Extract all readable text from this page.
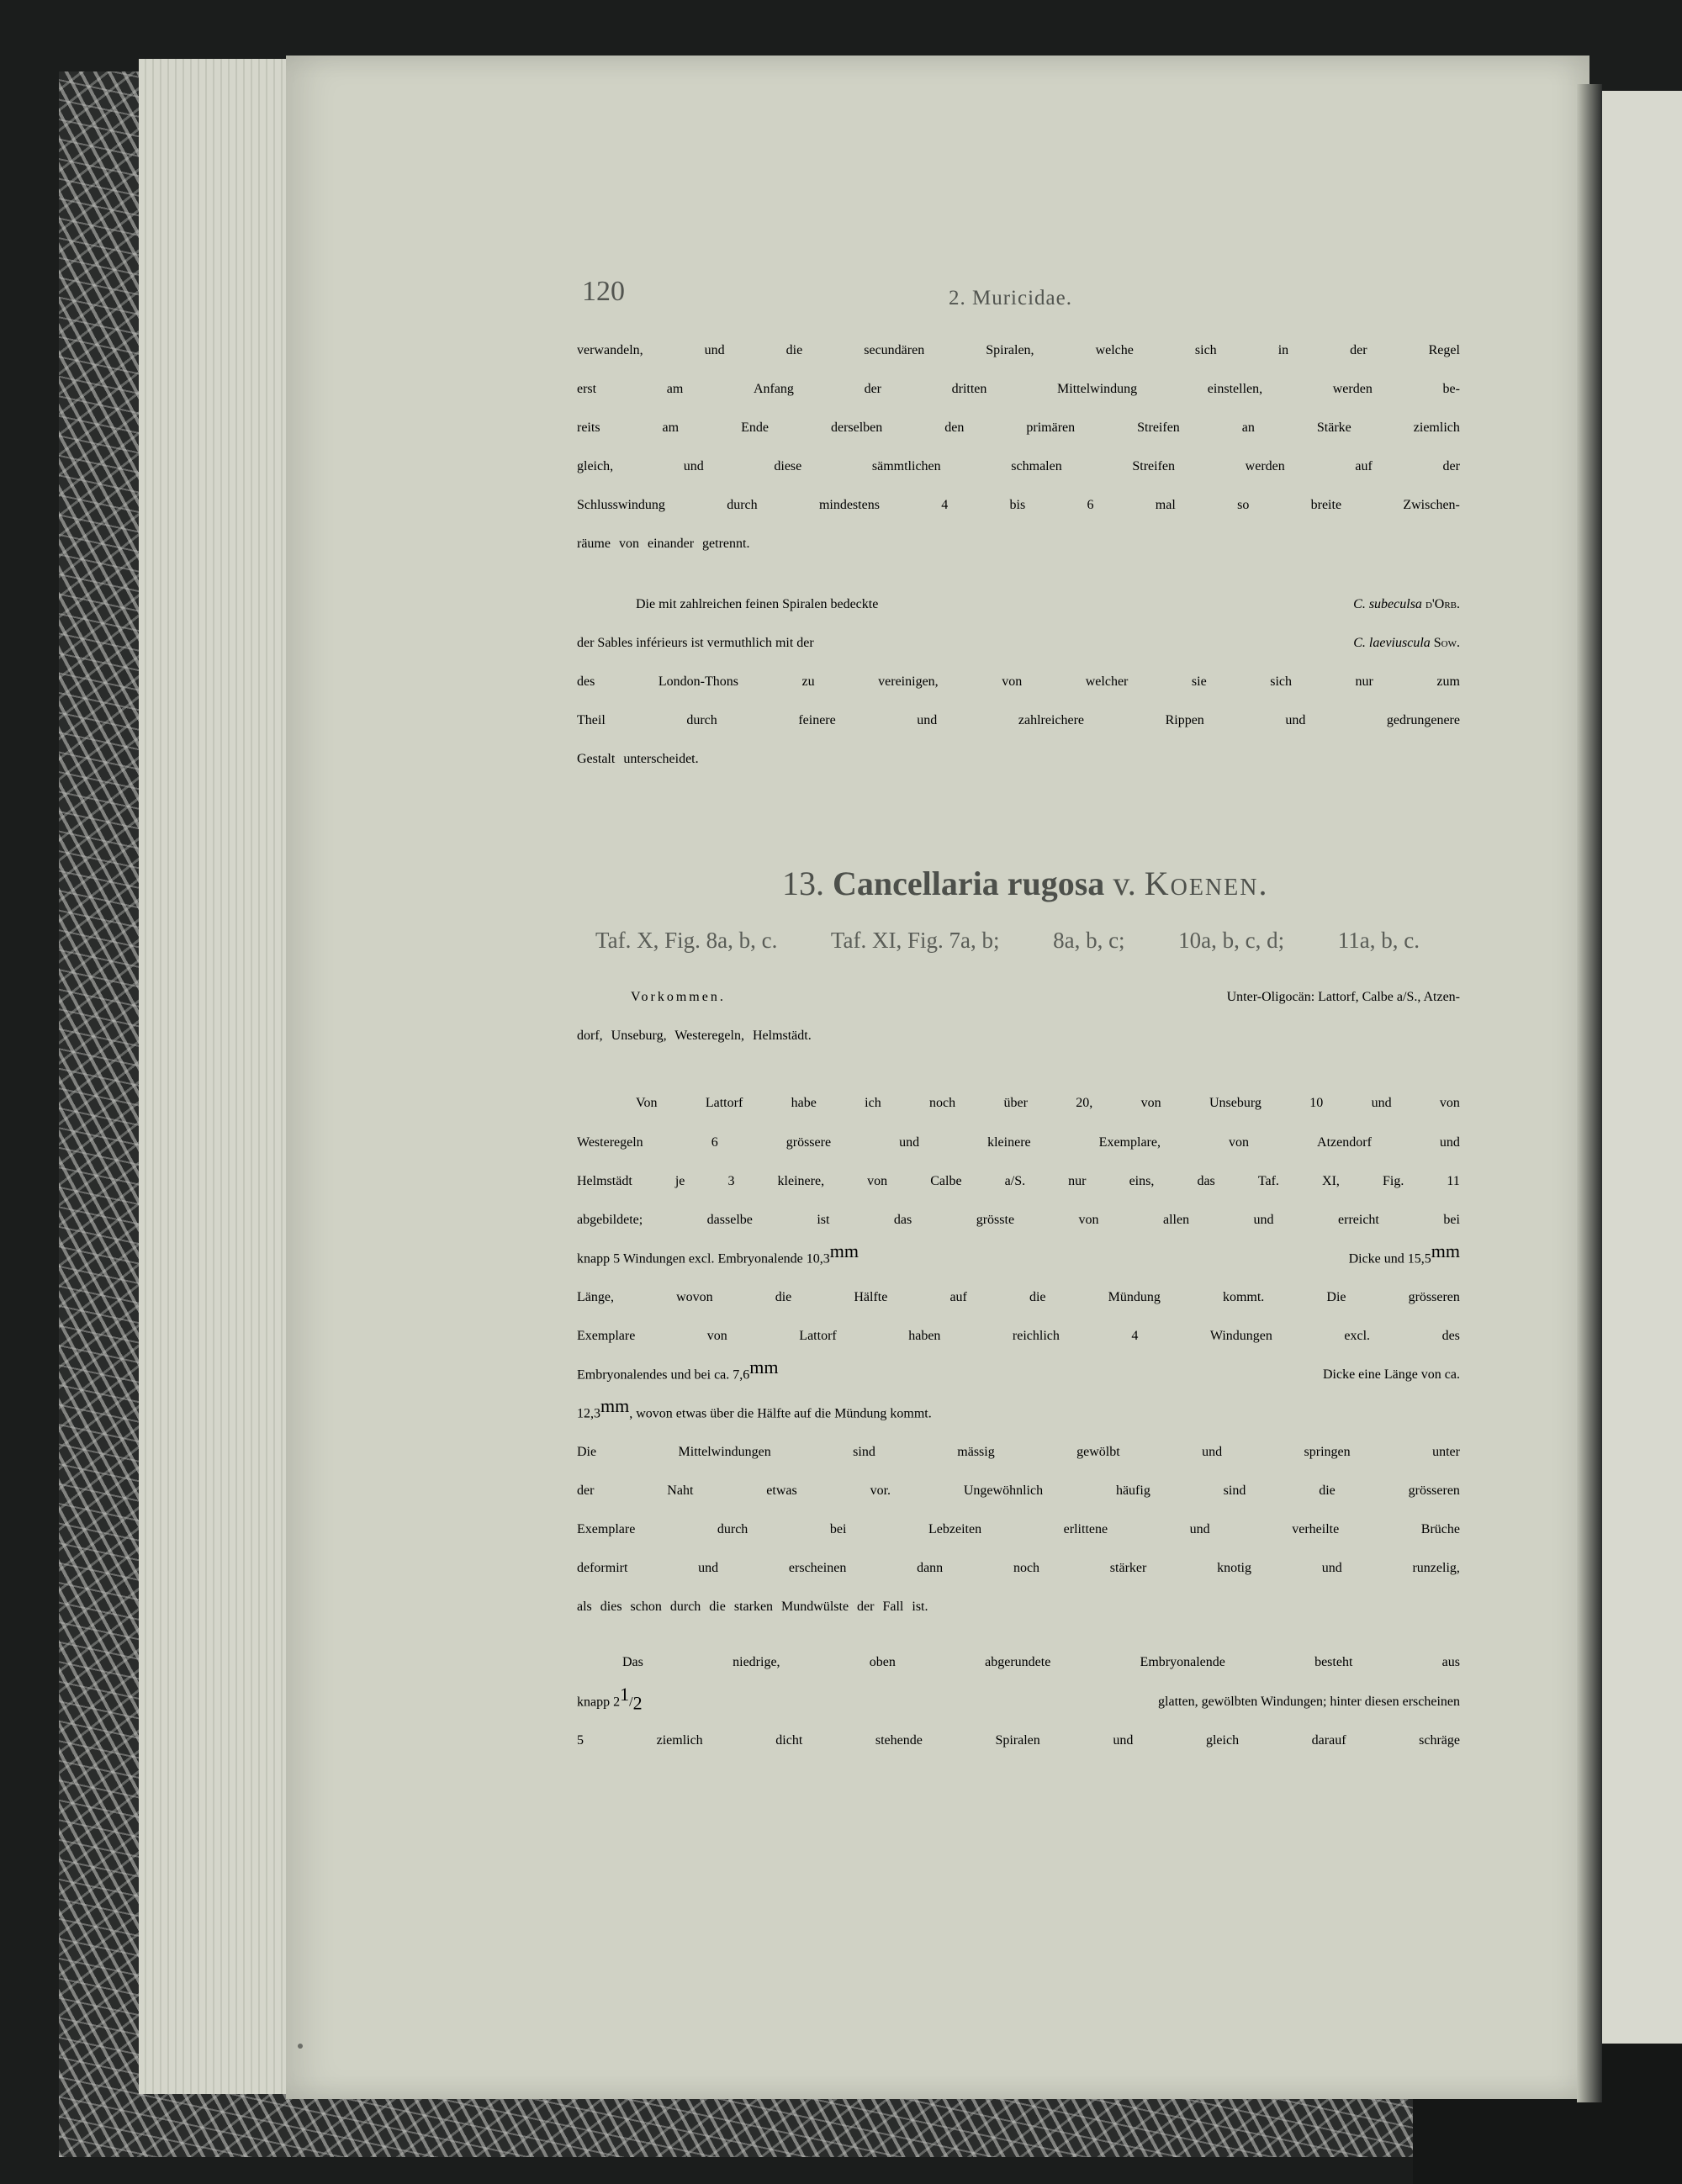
120	2. Muricidae.
verwandeln,	und	die	secundären	Spiralen,	welche	sich	in	der	Regel
erst	am	Anfang	der	dritten	Mittelwindung	einstellen,	werden	be-
reits	am	Ende	derselben	den	primären	Streifen	an	Stärke	ziemlich
gleich,	und	diese	sämmtlichen	schmalen	Streifen	werden	auf	der
Schlusswindung	durch	mindestens	4	bis	6	mal	so	breite	Zwischen-
räume von einander getrennt.
Die mit zahlreichen feinen Spiralen bedeckte	C. subeculsa d'Orb.
der Sables inférieurs ist vermuthlich mit der	C. laeviuscula Sow.
des	London-Thons	zu	vereinigen,	von	welcher	sie	sich	nur	zum
Theil	durch	feinere	und	zahlreichere	Rippen	und	gedrungenere
Gestalt unterscheidet.
13. Cancellaria rugosa v. Koenen.
Taf. X, Fig. 8a, b, c. Taf. XI, Fig. 7a, b; 8a, b, c; 10a, b, c, d; 11a, b, c.
Vorkommen.	Unter-Oligocän: Lattorf, Calbe a/S., Atzen-
dorf, Unseburg, Westeregeln, Helmstädt.
Von	Lattorf	habe	ich	noch	über	20,	von	Unseburg	10	und	von
Westeregeln	6	grössere	und	kleinere	Exemplare,	von	Atzendorf	und
Helmstädt	je	3	kleinere,	von	Calbe	a/S.	nur	eins,	das	Taf.	XI,	Fig.	11
abgebildete;	dasselbe	ist	das	grösste	von	allen	und	erreicht	bei
knapp 5 Windungen excl. Embryonalende $10,3^{mm}$	Dicke und $15,5^{mm}$
Länge,	wovon	die	Hälfte	auf	die	Mündung	kommt.	Die	grösseren
Exemplare	von	Lattorf	haben	reichlich	4	Windungen	excl.	des
Embryonalendes und bei ca. $7,6^{mm}$	Dicke eine Länge von ca.
$12,3^{mm}$, wovon etwas über die Hälfte auf die Mündung kommt.
Die	Mittelwindungen	sind	mässig	gewölbt	und	springen	unter
der	Naht	etwas	vor.	Ungewöhnlich	häufig	sind	die	grösseren
Exemplare	durch	bei	Lebzeiten	erlittene	und	verheilte	Brüche
deformirt	und	erscheinen	dann	noch	stärker	knotig	und	runzelig,
als dies schon durch die starken Mundwülste der Fall ist.
Das	niedrige,	oben	abgerundete	Embryonalende	besteht	aus
knapp $2^1/_2$	glatten, gewölbten Windungen; hinter diesen erscheinen
5	ziemlich	dicht	stehende	Spiralen	und	gleich	darauf	schräge
